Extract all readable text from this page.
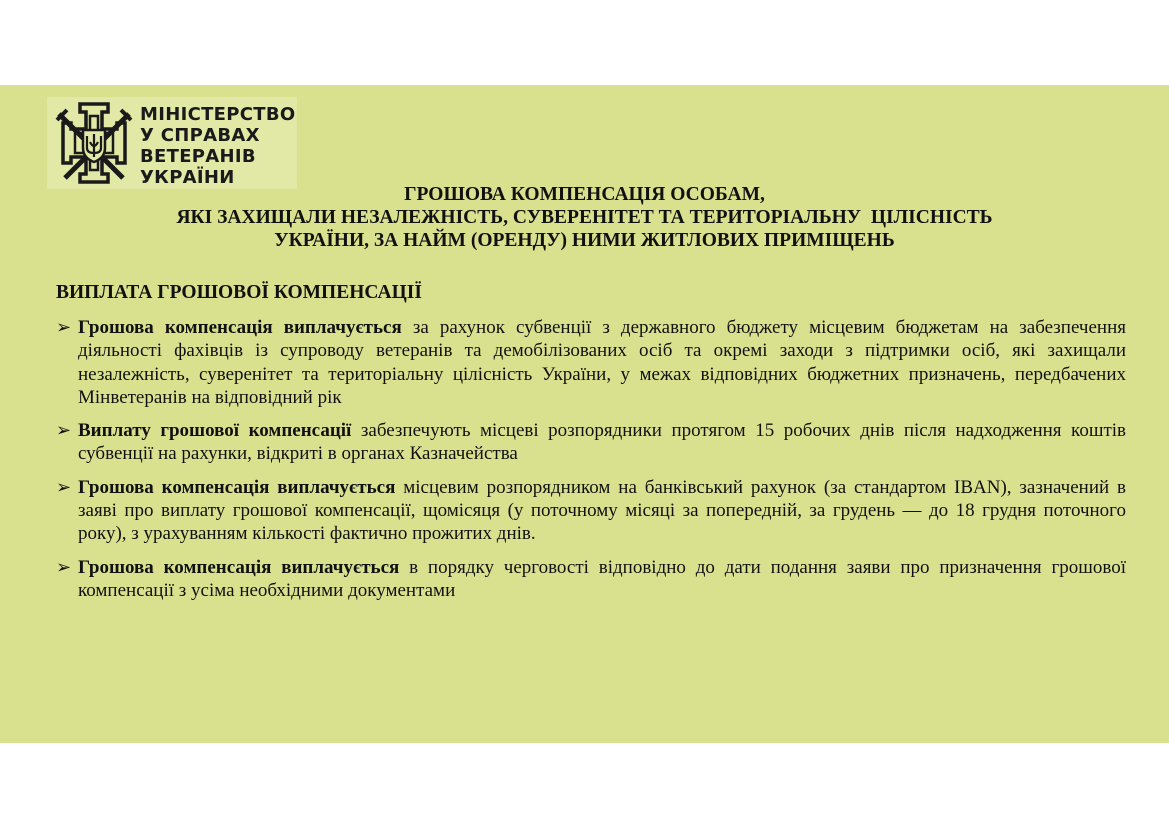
МІНІСТЕРСТВО
У СПРАВАХ
ВЕТЕРАНІВ
УКРАЇНИ
ГРОШОВА КОМПЕНСАЦІЯ ОСОБАМ,
ЯКІ ЗАХИЩАЛИ НЕЗАЛЕЖНІСТЬ, СУВЕРЕНІТЕТ ТА ТЕРИТОРІАЛЬНУ  ЦІЛІСНІСТЬ
УКРАЇНИ, ЗА НАЙМ (ОРЕНДУ) НИМИ ЖИТЛОВИХ ПРИМІЩЕНЬ
ВИПЛАТА ГРОШОВОЇ КОМПЕНСАЦІЇ
➢ Грошова компенсація виплачується за рахунок субвенції з державного бюджету місцевим бюджетам на забезпечення діяльності фахівців із супроводу ветеранів та демобілізованих осіб та окремі заходи з підтримки осіб, які захищали незалежність, суверенітет та територіальну цілісність України, у межах відповідних бюджетних призначень, передбачених Мінветеранів на відповідний рік
➢ Виплату грошової компенсації забезпечують місцеві розпорядники протягом 15 робочих днів після надходження коштів субвенції на рахунки, відкриті в органах Казначейства
➢ Грошова компенсація виплачується місцевим розпорядником на банківський рахунок (за стандартом IBAN), зазначений в заяві про виплату грошової компенсації, щомісяця (у поточному місяці за попередній, за грудень — до 18 грудня поточного року), з урахуванням кількості фактично прожитих днів.
➢ Грошова компенсація виплачується в порядку черговості відповідно до дати подання заяви про призначення грошової компенсації з усіма необхідними документами
